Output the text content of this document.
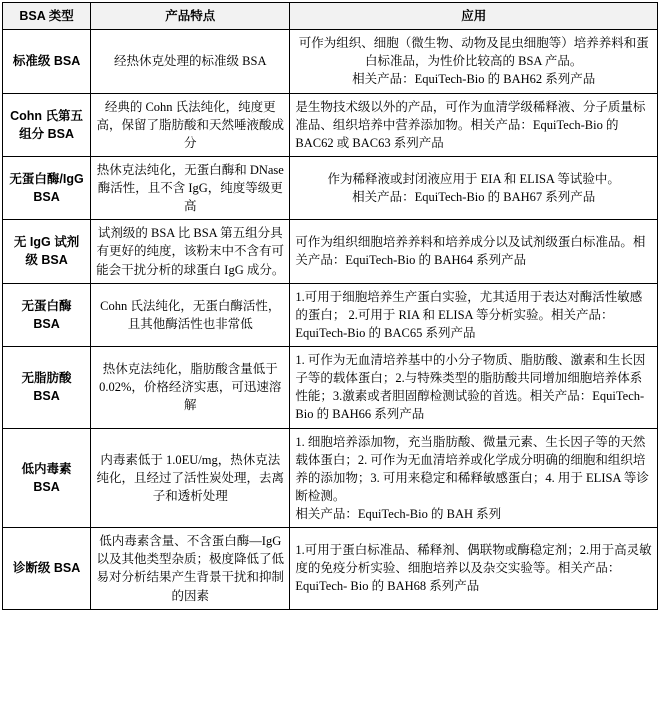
BSA 类型	产品特点	应用
标准级 BSA	经热休克处理的标准级 BSA	可作为组织、细胞（微生物、动物及昆虫细胞等）培养养料和蛋白标准品，为性价比较高的 BSA 产品。
相关产品：EquiTech-Bio 的 BAH62 系列产品

Cohn 氏第五组分 BSA	经典的 Cohn 氏法纯化，纯度更高，保留了脂肪酸和天然唾液酸成分	是生物技术级以外的产品，可作为血清学级稀释液、分子质量标准品、组织培养中营养添加物。相关产品：EquiTech-Bio 的 BAC62 或 BAC63 系列产品

无蛋白酶/IgG BSA	热休克法纯化，无蛋白酶和 DNase 酶活性，且不含 IgG，纯度等级更高	作为稀释液或封闭液应用于 EIA 和 ELISA 等试验中。
相关产品：EquiTech-Bio 的 BAH67 系列产品

无 IgG 试剂级 BSA	试剂级的 BSA 比 BSA 第五组分具有更好的纯度，该粉末中不含有可能会干扰分析的球蛋白 IgG 成分。	可作为组织细胞培养养料和培养成分以及试剂级蛋白标准品。相关产品：EquiTech-Bio 的 BAH64 系列产品

无蛋白酶 BSA	Cohn 氏法纯化，无蛋白酶活性，且其他酶活性也非常低	1.可用于细胞培养生产蛋白实验，尤其适用于表达对酶活性敏感的蛋白； 2.可用于 RIA 和 ELISA 等分析实验。相关产品：EquiTech-Bio 的 BAC65 系列产品

无脂肪酸 BSA	热休克法纯化，脂肪酸含量低于 0.02%，价格经济实惠，可迅速溶解	1. 可作为无血清培养基中的小分子物质、脂肪酸、激素和生长因子等的载体蛋白；2.与特殊类型的脂肪酸共同增加细胞培养体系性能；3.激素或者胆固醇检测试验的首选。相关产品：EquiTech-Bio 的 BAH66 系列产品

低内毒素 BSA	内毒素低于 1.0EU/mg，热休克法纯化，且经过了活性炭处理，去离子和透析处理	1. 细胞培养添加物，充当脂肪酸、微量元素、生长因子等的天然载体蛋白；2. 可作为无血清培养或化学成分明确的细胞和组织培养的添加物；3. 可用来稳定和稀释敏感蛋白；4. 用于 ELISA 等诊断检测。
相关产品：EquiTech-Bio 的 BAH 系列

诊断级 BSA	低内毒素含量、不含蛋白酶—IgG 以及其他类型杂质；极度降低了低易对分析结果产生背景干扰和抑制的因素	1.可用于蛋白标准品、稀释剂、偶联物或酶稳定剂；2.用于高灵敏度的免疫分析实验、细胞培养以及杂交实验等。相关产品：EquiTech- Bio 的 BAH68 系列产品
